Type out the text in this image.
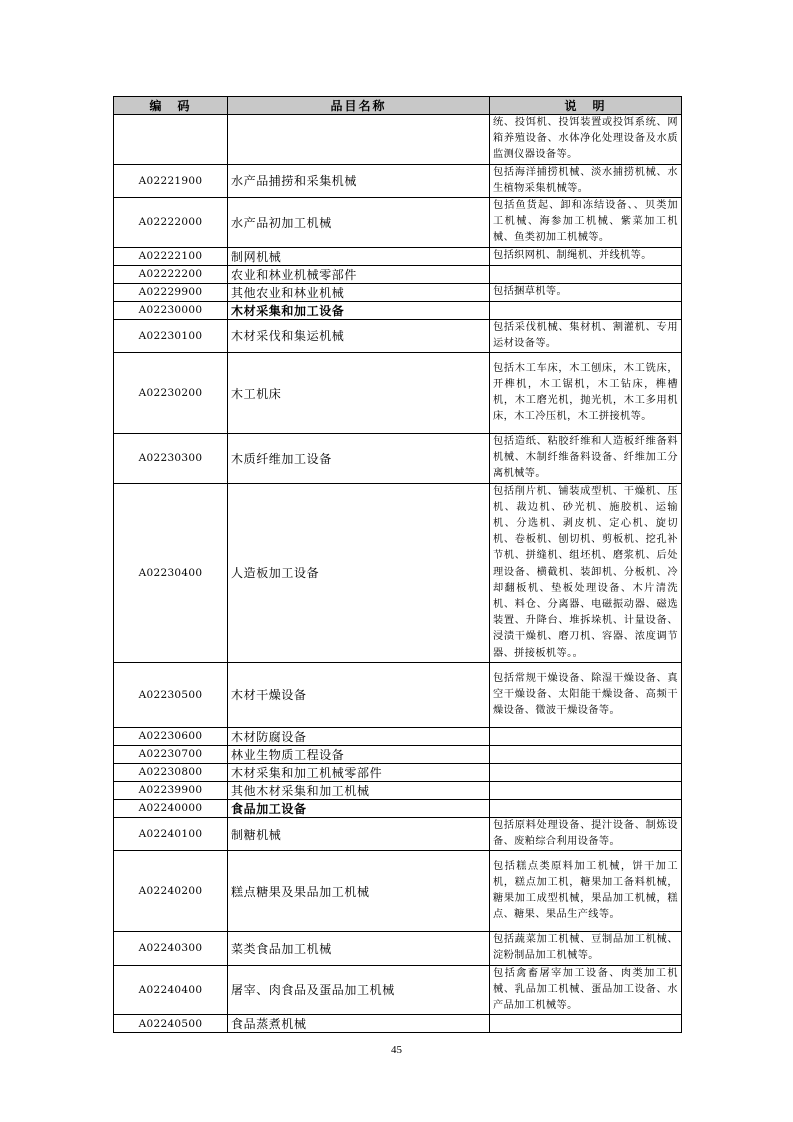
编　码	品目名称	说　明
		统、投饵机、投饵装置或投饵系统、网箱养殖设备、水体净化处理设备及水质监测仪器设备等。
A02221900	水产品捕捞和采集机械	包括海洋捕捞机械、淡水捕捞机械、水生植物采集机械等。
A02222000	水产品初加工机械	包括鱼货起、卸和冻结设备、、贝类加工机械、海参加工机械、紫菜加工机械、鱼类初加工机械等。
A02222100	制网机械	包括织网机、制绳机、并线机等。
A02222200	农业和林业机械零部件	
A02229900	其他农业和林业机械	包括捆草机等。
A02230000	木材采集和加工设备	
A02230100	木材采伐和集运机械	包括采伐机械、集材机、割灌机、专用运材设备等。
A02230200	木工机床	包括木工车床，木工刨床，木工铣床，开榫机，木工锯机，木工钻床，榫槽机，木工磨光机，抛光机，木工多用机床，木工冷压机，木工拼接机等。
A02230300	木质纤维加工设备	包括造纸、粘胶纤维和人造板纤维备料机械、木制纤维备料设备、纤维加工分离机械等。
A02230400	人造板加工设备	包括削片机、铺装成型机、干燥机、压机、裁边机、砂光机、施胶机、运输机、分选机、剥皮机、定心机、旋切机、卷板机、刨切机、剪板机、挖孔补节机、拼缝机、组坯机、磨浆机、后处理设备、横截机、装卸机、分板机、冷却翻板机、垫板处理设备、木片清洗机、料仓、分离器、电磁振动器、磁选装置、升降台、堆拆垛机、计量设备、浸渍干燥机、磨刀机、容器、浓度调节器、拼接板机等。。
A02230500	木材干燥设备	包括常规干燥设备、除湿干燥设备、真空干燥设备、太阳能干燥设备、高频干燥设备、微波干燥设备等。
A02230600	木材防腐设备	
A02230700	林业生物质工程设备	
A02230800	木材采集和加工机械零部件	
A02239900	其他木材采集和加工机械	
A02240000	食品加工设备	
A02240100	制糖机械	包括原料处理设备、提汁设备、制炼设备、废粕综合利用设备等。
A02240200	糕点糖果及果品加工机械	包括糕点类原料加工机械，饼干加工机，糕点加工机，糖果加工备料机械，糖果加工成型机械，果品加工机械，糕点、糖果、果品生产线等。
A02240300	菜类食品加工机械	包括蔬菜加工机械、豆制品加工机械、淀粉制品加工机械等。
A02240400	屠宰、肉食品及蛋品加工机械	包括禽畜屠宰加工设备、肉类加工机械、乳品加工机械、蛋品加工设备、水产品加工机械等。
A02240500	食品蒸煮机械	
45
